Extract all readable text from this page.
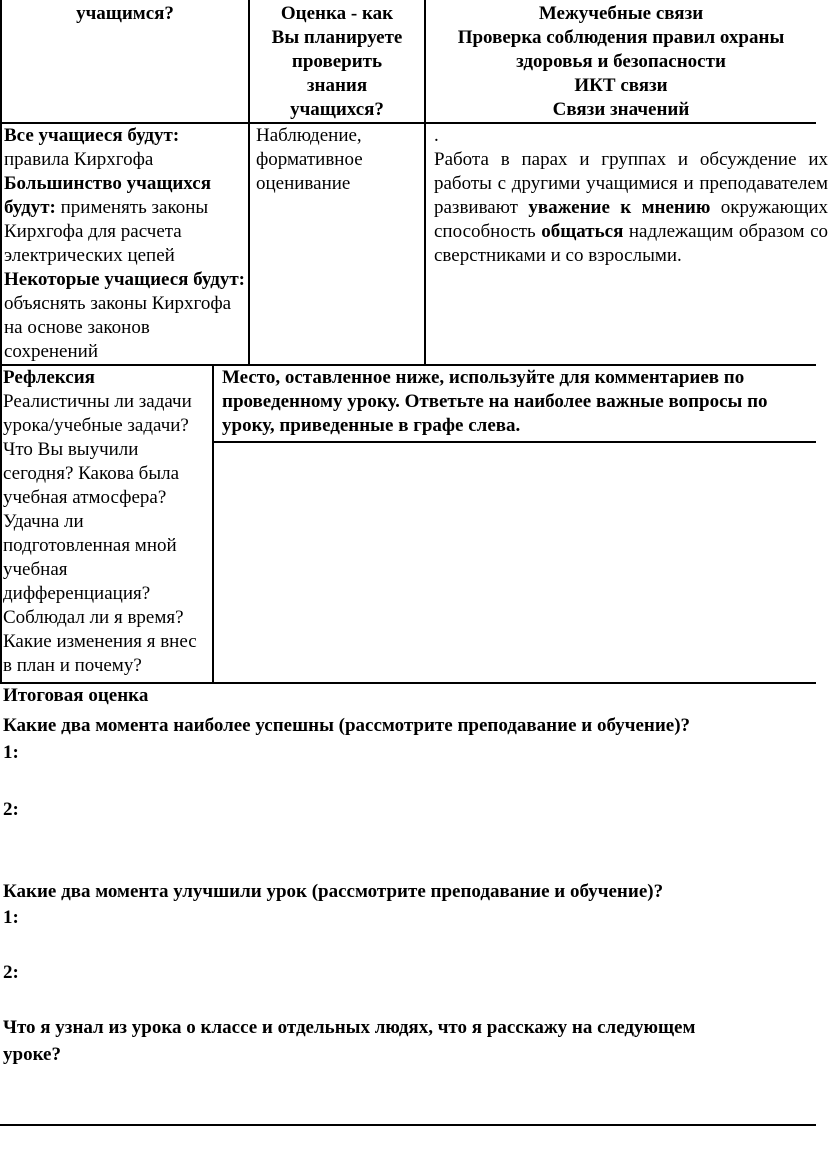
учащимся?	Оценка - как
Вы планируете
проверить
знания
учащихся?
Межучебные связи
Проверка соблюдения правил охраны
здоровья и безопасности
ИКТ связи
Связи значений

Все учащиеся будут:

правила Кирхгофа

Большинство учащихся будут: применять законы Кирхгофа для расчета электрических цепей

Некоторые учащиеся будут: объяснять законы Кирхгофа на основе законов сохренений

Наблюдение, формативное оценивание

.

Работа в парах и группах и обсуждение их работы с другими учащимися и преподавателем развивают уважение к мнению окружающих способность общаться надлежащим образом со сверстниками и со взрослыми.

Рефлексия

Реалистичны ли задачи урока/учебные задачи? Что Вы выучили сегодня? Какова была учебная атмосфера? Удачна ли подготовленная мной учебная дифференциация? Соблюдал ли я время? Какие изменения я внес в план и почему?

Место, оставленное ниже, используйте для комментариев по проведенному уроку. Ответьте на наиболее важные вопросы по уроку, приведенные в графе слева.
Итоговая оценка
Какие два момента наиболее успешны (рассмотрите преподавание и обучение)?
1:
2:
Какие два момента улучшили урок (рассмотрите преподавание и обучение)?
1:
2:
Что я узнал из урока о классе и отдельных людях, что я расскажу на следующем
уроке?
